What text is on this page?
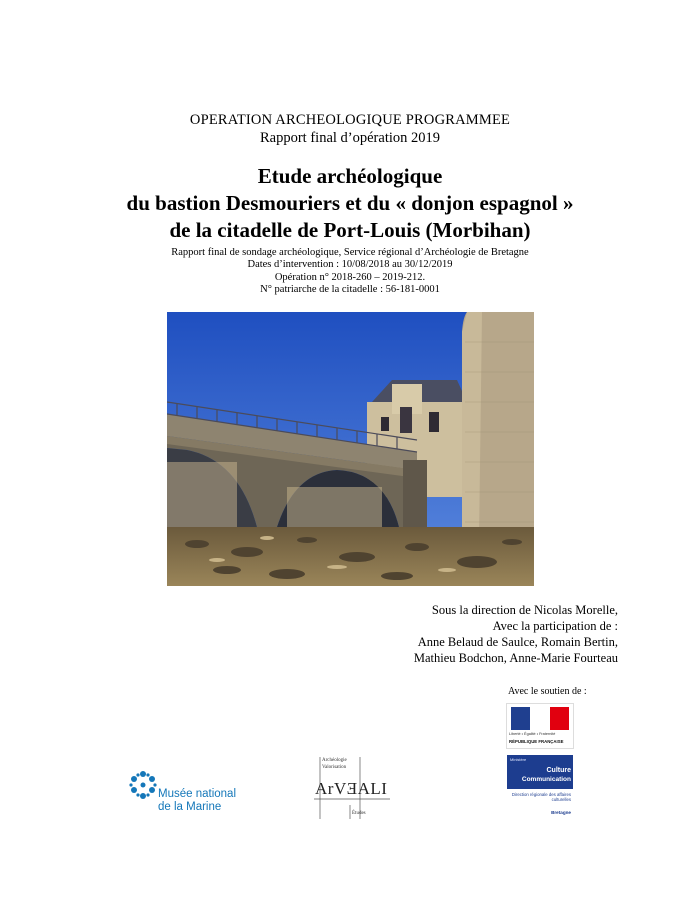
OPERATION ARCHEOLOGIQUE PROGRAMMEE
Rapport final d’opération 2019
Etude archéologique
du bastion Desmouriers et du « donjon espagnol »
de la citadelle de Port-Louis (Morbihan)
Rapport final de sondage archéologique, Service régional d’Archéologie de Bretagne
Dates d’intervention : 10/08/2018 au 30/12/2019
Opération n° 2018-260 – 2019-212.
N° patriarche de la citadelle : 56-181-0001
Sous la direction de Nicolas Morelle,
Avec la participation de :
Anne Belaud de Saulce, Romain Bertin,
Mathieu Bodchon, Anne-Marie Fourteau
Avec le soutien de :
Liberté • Égalité • Fraternité
RÉPUBLIQUE FRANÇAISE
Ministère
Culture
Communication
Direction régionale des affaires culturelles
Bretagne
Musée national
de la Marine
Archéologie
Valorisation
ArVƎALI
Études
